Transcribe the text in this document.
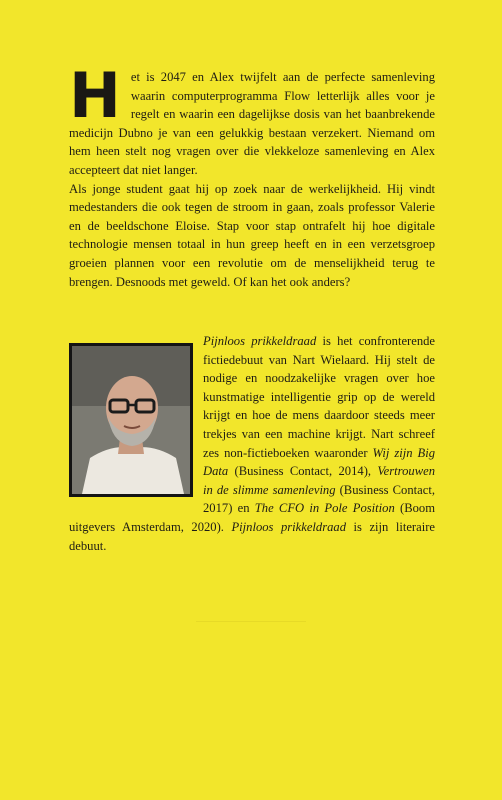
H et is 2047 en Alex twijfelt aan de perfecte samenleving waarin computerprogramma Flow letterlijk alles voor je regelt en waarin een dagelijkse dosis van het baanbrekende medicijn Dubno je van een gelukkig bestaan verzekert. Niemand om hem heen stelt nog vragen over die vlekkeloze samenleving en Alex accepteert dat niet langer.

Als jonge student gaat hij op zoek naar de werkelijkheid. Hij vindt medestanders die ook tegen de stroom in gaan, zoals professor Valerie en de beeldschone Eloise. Stap voor stap ontrafelt hij hoe digitale technologie mensen totaal in hun greep heeft en in een verzetsgroep groeien plannen voor een revolutie om de menselijkheid terug te brengen. Desnoods met geweld. Of kan het ook anders?

Pijnloos prikkeldraad is het confronterende fictiedebuut van Nart Wielaard. Hij stelt de nodige en noodzakelijke vragen over hoe kunstmatige intelligentie grip op de wereld krijgt en hoe de mens daardoor steeds meer trekjes van een machine krijgt. Nart schreef zes non-fictieboeken waaronder Wij zijn Big Data (Business Contact, 2014), Vertrouwen in de slimme samenleving (Business Contact, 2017) en The CFO in Pole Position (Boom uitgevers Amsterdam, 2020). Pijnloos prikkeldraad is zijn literaire debuut.
